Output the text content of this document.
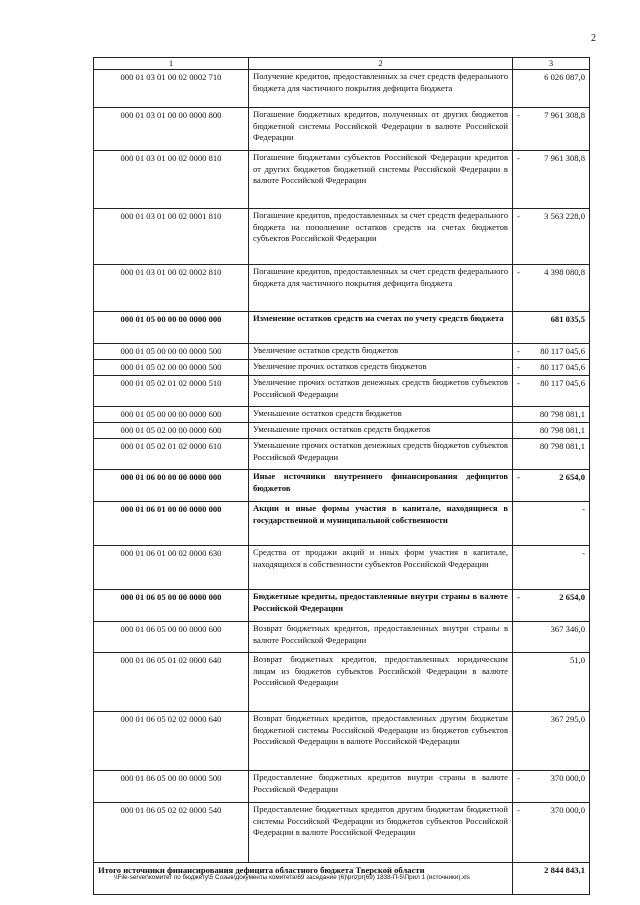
2
1	2	3
000 01 03 01 00 02 0002 710	Получение кредитов, предоставленных за счет средств федерального бюджета для частичного покрытия дефицита бюджета	6 026 087,0

000 01 03 01 00 00 0000 800	Погашение бюджетных кредитов, полученных от других бюджетов бюджетной системы Российской Федерации в валюте Российской Федерации	- 7 961 308,8

000 01 03 01 00 02 0000 810	Погашение бюджетами субъектов Российской Федерации кредитов от других бюджетов бюджетной системы Российской Федерации в валюте Российской Федерации	- 7 961 308,8

000 01 03 01 00 02 0001 810	Погашение кредитов, предоставленных за счет средств федерального бюджета на пополнение остатков средств на счетах бюджетов субъектов Российской Федерации	- 3 563 228,0

000 01 03 01 00 02 0002 810	Погашение кредитов, предоставленных за счет средств федерального бюджета для частичного покрытия дефицита бюджета	- 4 398 080,8

000 01 05 00 00 00 0000 000	Изменение остатков средств на счетах по учету средств бюджета	681 035,5

000 01 05 00 00 00 0000 500	Увеличение остатков средств бюджетов	- 80 117 045,6

000 01 05 02 00 00 0000 500	Увеличение прочих остатков средств бюджетов	- 80 117 045,6

000 01 05 02 01 02 0000 510	Увеличение прочих остатков денежных средств бюджетов субъектов Российской Федерации	- 80 117 045,6

000 01 05 00 00 00 0000 600	Уменьшение остатков средств бюджетов	80 798 081,1

000 01 05 02 00 00 0000 600	Уменьшение прочих остатков средств бюджетов	80 798 081,1

000 01 05 02 01 02 0000 610	Уменьшение прочих остатков денежных средств бюджетов субъектов Российской Федерации	80 798 081,1

000 01 06 00 00 00 0000 000	Иные источники внутреннего финансирования дефицитов бюджетов	- 2 654,0

000 01 06 01 00 00 0000 000	Акции и иные формы участия в капитале, находящиеся в государственной и муниципальной собственности	-

000 01 06 01 00 02 0000 630	Средства от продажи акций и иных форм участия в капитале, находящихся в собственности субъектов Российской Федерации	-

000 01 06 05 00 00 0000 000	Бюджетные кредиты, предоставленные внутри страны в валюте Российской Федерации	- 2 654,0

000 01 06 05 00 00 0000 600	Возврат бюджетных кредитов, предоставленных внутри страны в валюте Российской Федерации	367 346,0

000 01 06 05 01 02 0000 640	Возврат бюджетных кредитов, предоставленных юридическим лицам из бюджетов субъектов Российской Федерации в валюте Российской Федерации	51,0

000 01 06 05 02 02 0000 640	Возврат бюджетных кредитов, предоставленных другим бюджетам бюджетной системы Российской Федерации из бюджетов субъектов Российской Федерации в валюте Российской Федерации	367 295,0

000 01 06 05 00 00 0000 500	Предоставление бюджетных кредитов внутри страны в валюте Российской Федерации	- 370 000,0

000 01 06 05 02 02 0000 540	Предоставление бюджетных кредитов другим бюджетам бюджетной системы Российской Федерации из бюджетов субъектов Российской Федерации в валюте Российской Федерации	- 370 000,0

Итого источники финансирования дефицита областного бюджета Тверской области		2 844 843,1
\\File-server\комитет по бюджету\5 Созыв\документы комитета\69 заседание (6)\prizpr(69) 1838-П-5\Прил 1 (источники).xls
